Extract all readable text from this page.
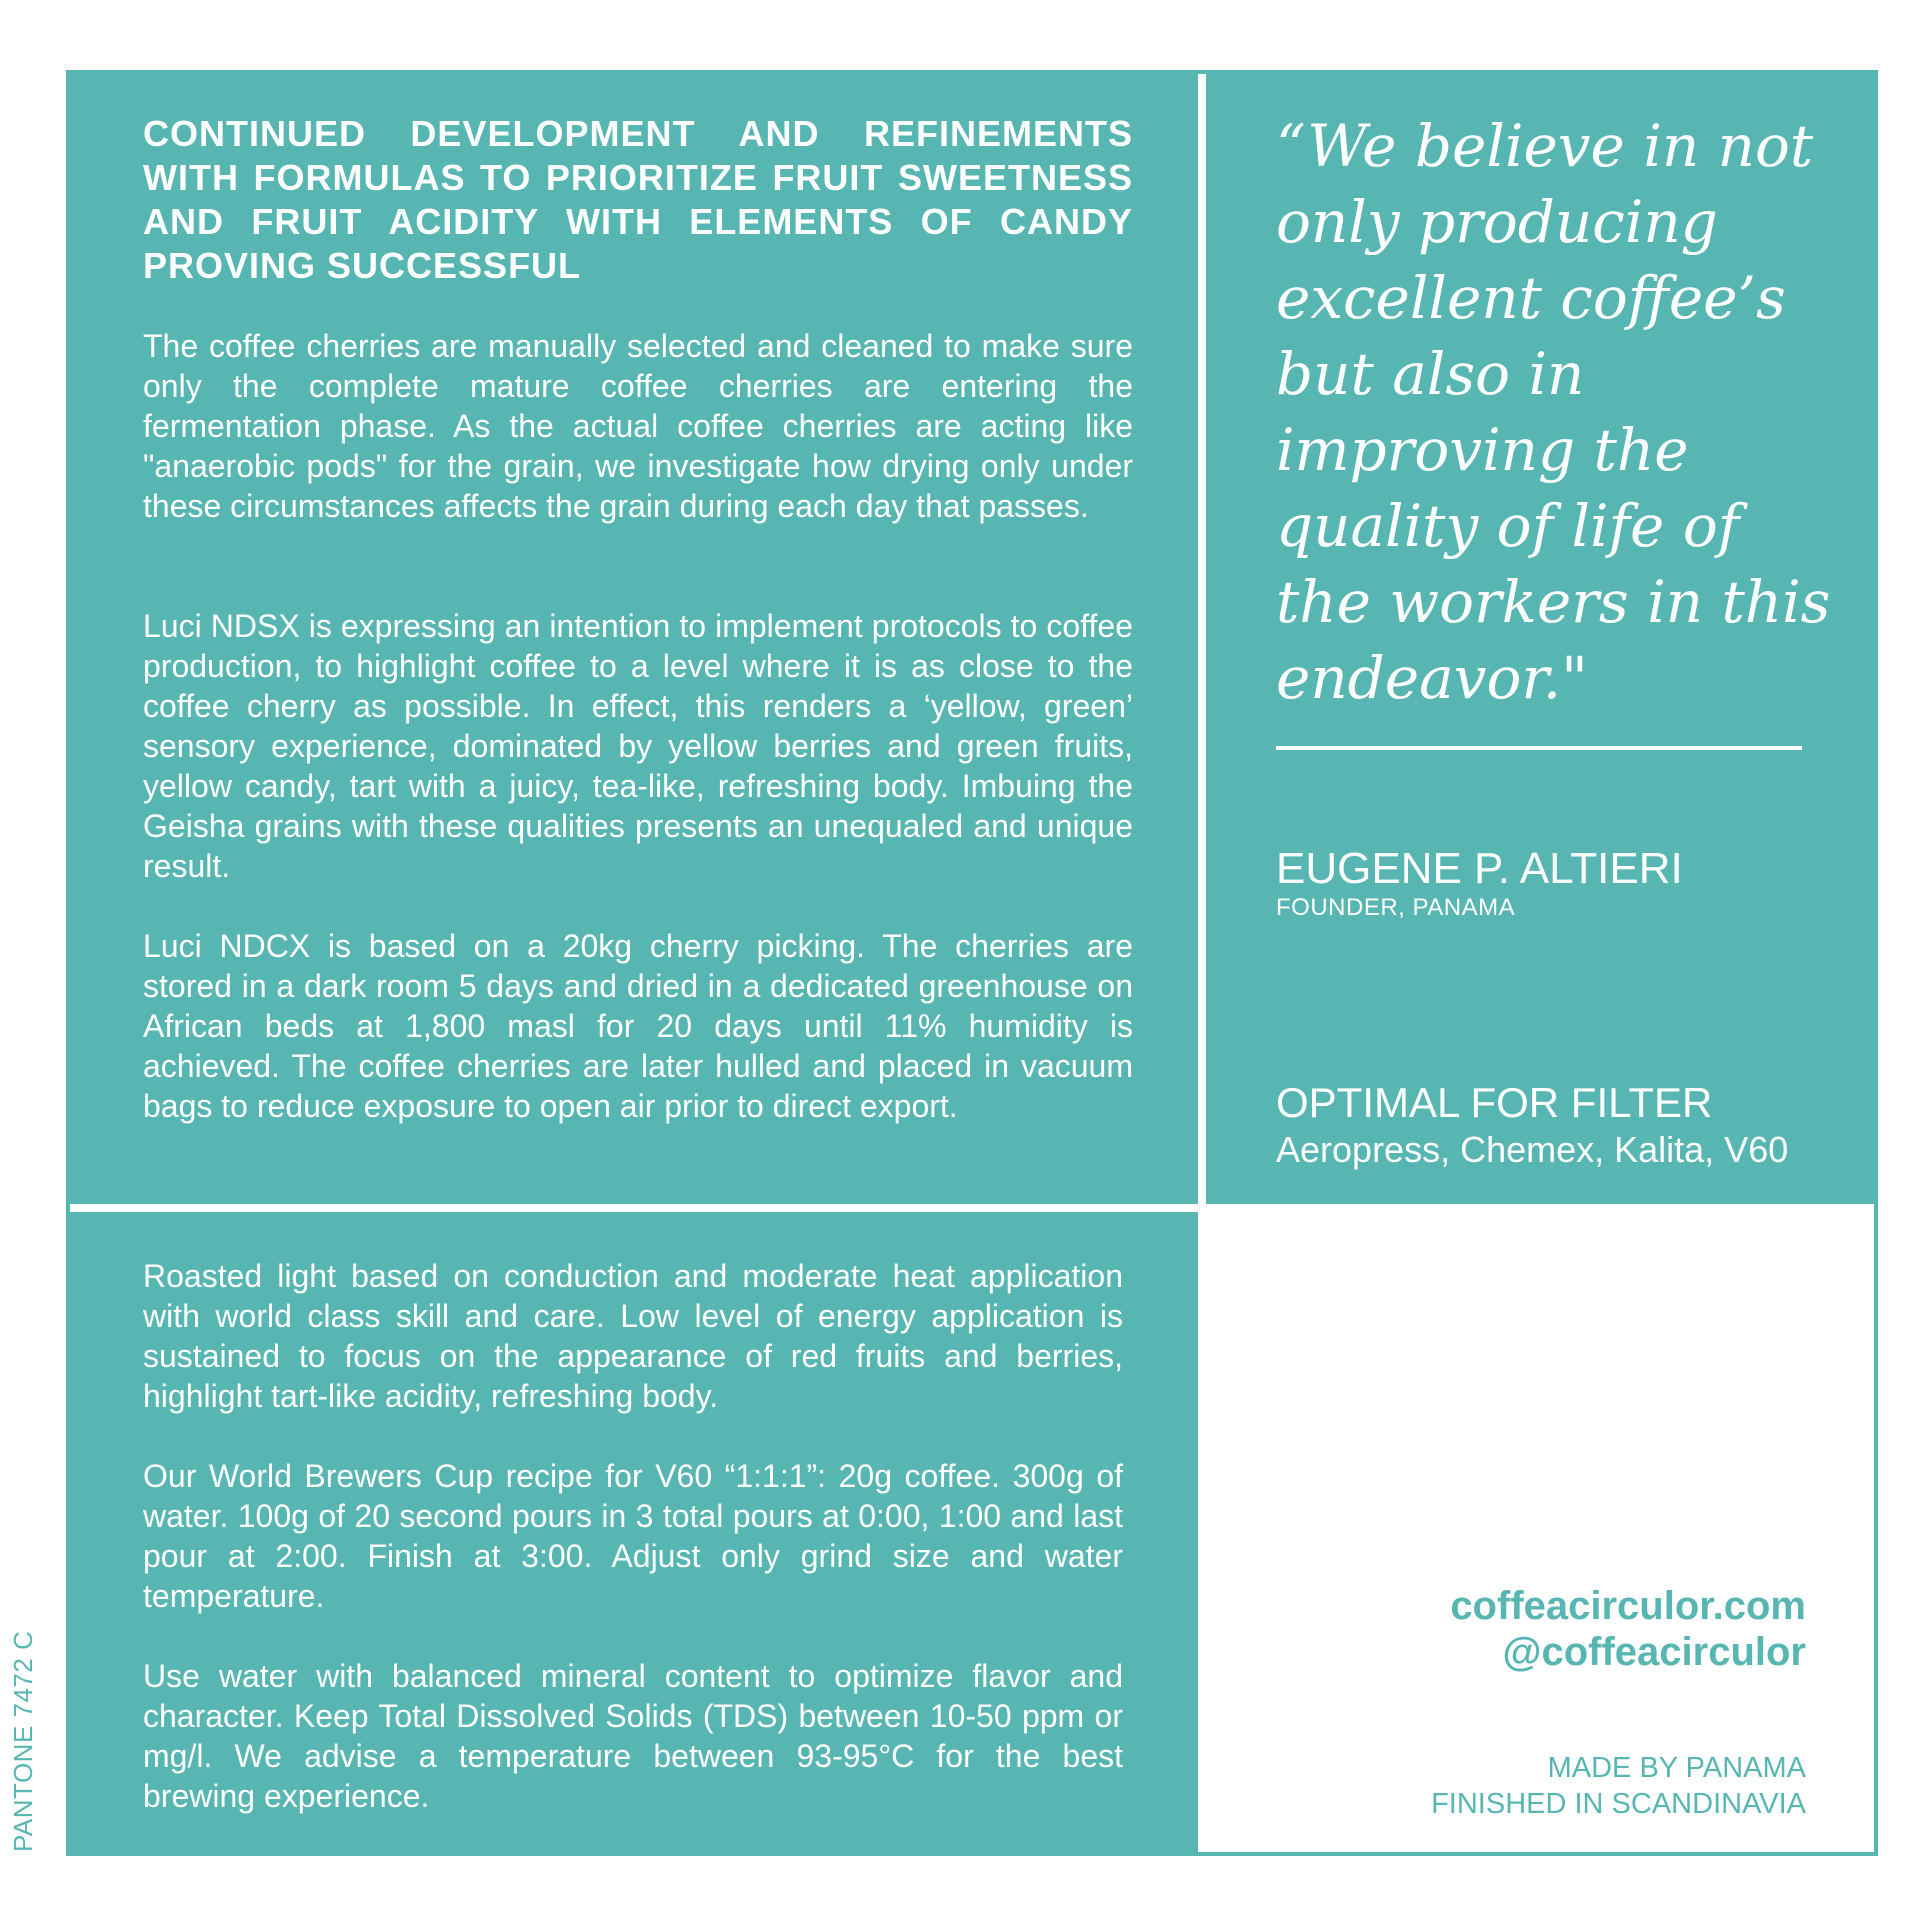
CONTINUED DEVELOPMENT AND REFINEMENTS WITH FORMULAS TO PRIORITIZE FRUIT SWEETNESS AND FRUIT ACIDITY WITH ELEMENTS OF CANDY PROVING SUCCESSFUL

The coffee cherries are manually selected and cleaned to make sure only the complete mature coffee cherries are entering the fermentation phase. As the actual coffee cherries are acting like "anaerobic pods" for the grain, we investigate how drying only under these circumstances affects the grain during each day that passes.

Luci NDSX is expressing an intention to implement protocols to coffee production, to highlight coffee to a level where it is as close to the coffee cherry as possible. In effect, this renders a ‘yellow, green’ sensory experience, dominated by yellow berries and green fruits, yellow candy, tart with a juicy, tea-like, refreshing body. Imbuing the Geisha grains with these qualities presents an unequaled and unique result.

Luci NDCX is based on a 20kg cherry picking. The cherries are stored in a dark room 5 days and dried in a dedicated greenhouse on African beds at 1,800 masl for 20 days until 11% humidity is achieved. The coffee cherries are later hulled and placed in vacuum bags to reduce exposure to open air prior to direct export.

“We believe in not only producing excellent coffee’s but also in improving the quality of life of the workers in this endeavor."

EUGENE P. ALTIERI

FOUNDER, PANAMA

OPTIMAL FOR FILTER

Aeropress, Chemex, Kalita, V60

Roasted light based on conduction and moderate heat application with world class skill and care. Low level of energy application is sustained to focus on the appearance of red fruits and berries, highlight tart-like acidity, refreshing body.

Our World Brewers Cup recipe for V60 “1:1:1”: 20g coffee. 300g of water. 100g of 20 second pours in 3 total pours at 0:00, 1:00 and last pour at 2:00. Finish at 3:00. Adjust only grind size and water temperature.

Use water with balanced mineral content to optimize flavor and character. Keep Total Dissolved Solids (TDS) between 10-50 ppm or mg/l. We advise a temperature between 93-95°C for the best brewing experience.

coffeacirculor.com

@coffeacirculor

MADE BY PANAMA

FINISHED IN SCANDINAVIA

PANTONE 7472 C
